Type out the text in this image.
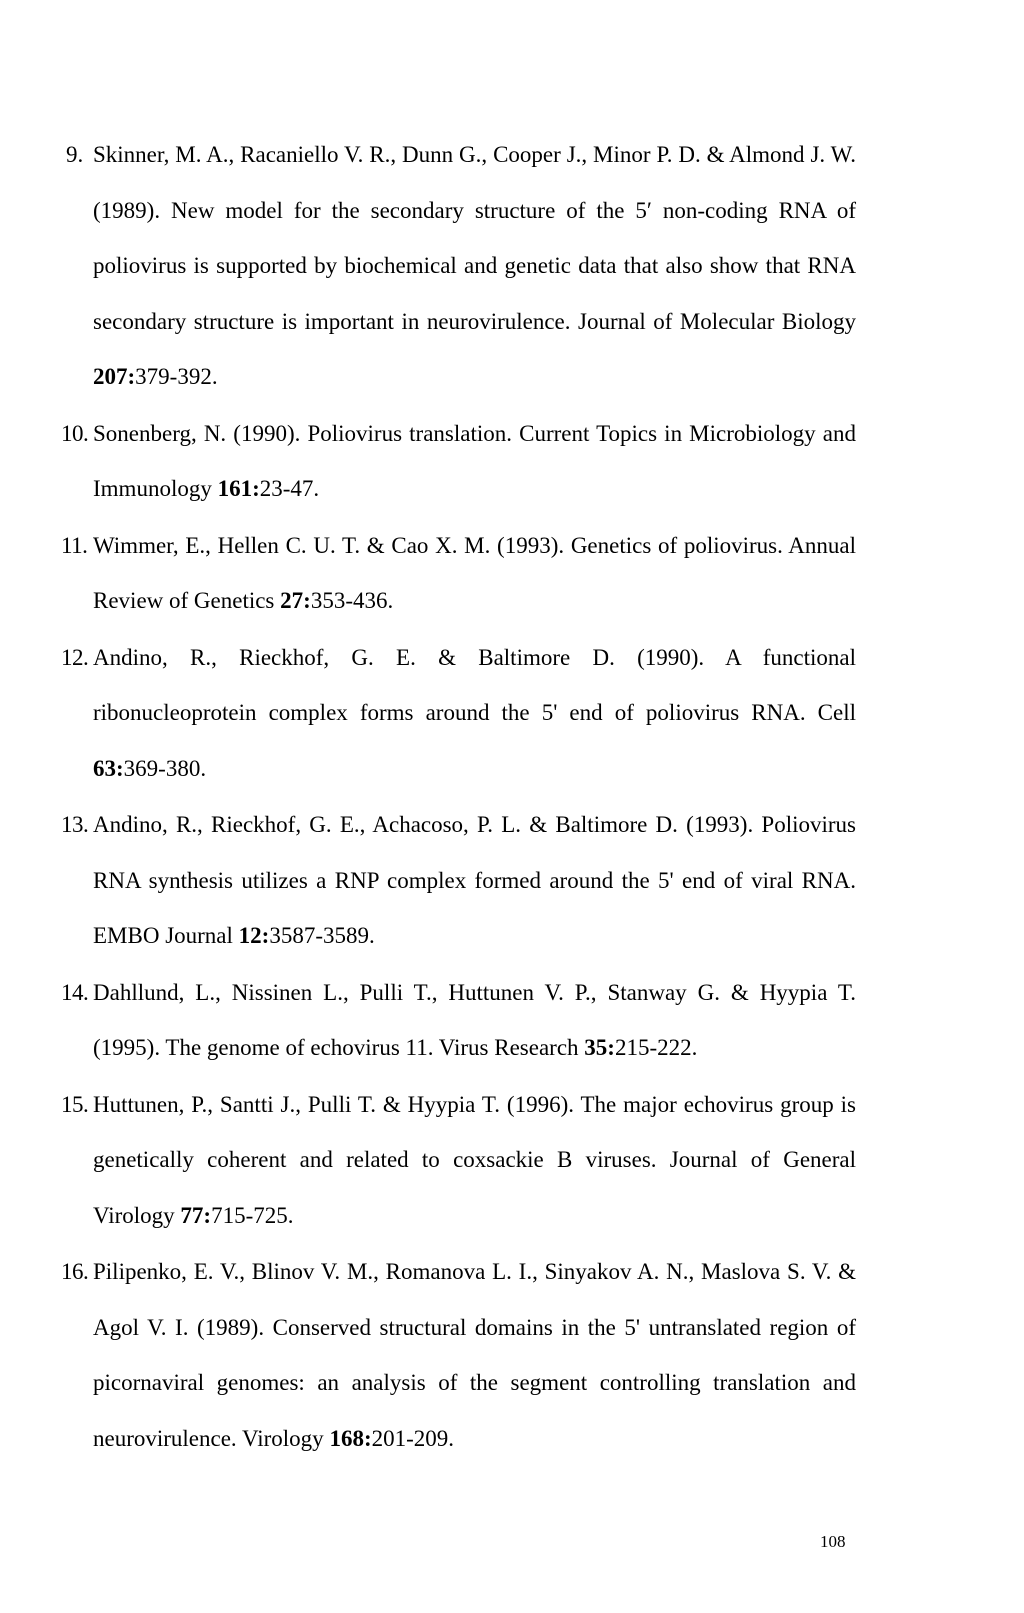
9. Skinner, M. A., Racaniello V. R., Dunn G., Cooper J., Minor P. D. & Almond J. W. (1989). New model for the secondary structure of the 5′ non-coding RNA of poliovirus is supported by biochemical and genetic data that also show that RNA secondary structure is important in neurovirulence. Journal of Molecular Biology 207:379-392.
10. Sonenberg, N. (1990). Poliovirus translation. Current Topics in Microbiology and Immunology 161:23-47.
11. Wimmer, E., Hellen C. U. T. & Cao X. M. (1993). Genetics of poliovirus. Annual Review of Genetics 27:353-436.
12. Andino, R., Rieckhof, G. E. & Baltimore D. (1990). A functional ribonucleoprotein complex forms around the 5' end of poliovirus RNA. Cell 63:369-380.
13. Andino, R., Rieckhof, G. E., Achacoso, P. L. & Baltimore D. (1993). Poliovirus RNA synthesis utilizes a RNP complex formed around the 5' end of viral RNA. EMBO Journal 12:3587-3589.
14. Dahllund, L., Nissinen L., Pulli T., Huttunen V. P., Stanway G. & Hyypia T. (1995). The genome of echovirus 11. Virus Research 35:215-222.
15. Huttunen, P., Santti J., Pulli T. & Hyypia T. (1996). The major echovirus group is genetically coherent and related to coxsackie B viruses. Journal of General Virology 77:715-725.
16. Pilipenko, E. V., Blinov V. M., Romanova L. I., Sinyakov A. N., Maslova S. V. & Agol V. I. (1989). Conserved structural domains in the 5' untranslated region of picornaviral genomes: an analysis of the segment controlling translation and neurovirulence. Virology 168:201-209.
108
